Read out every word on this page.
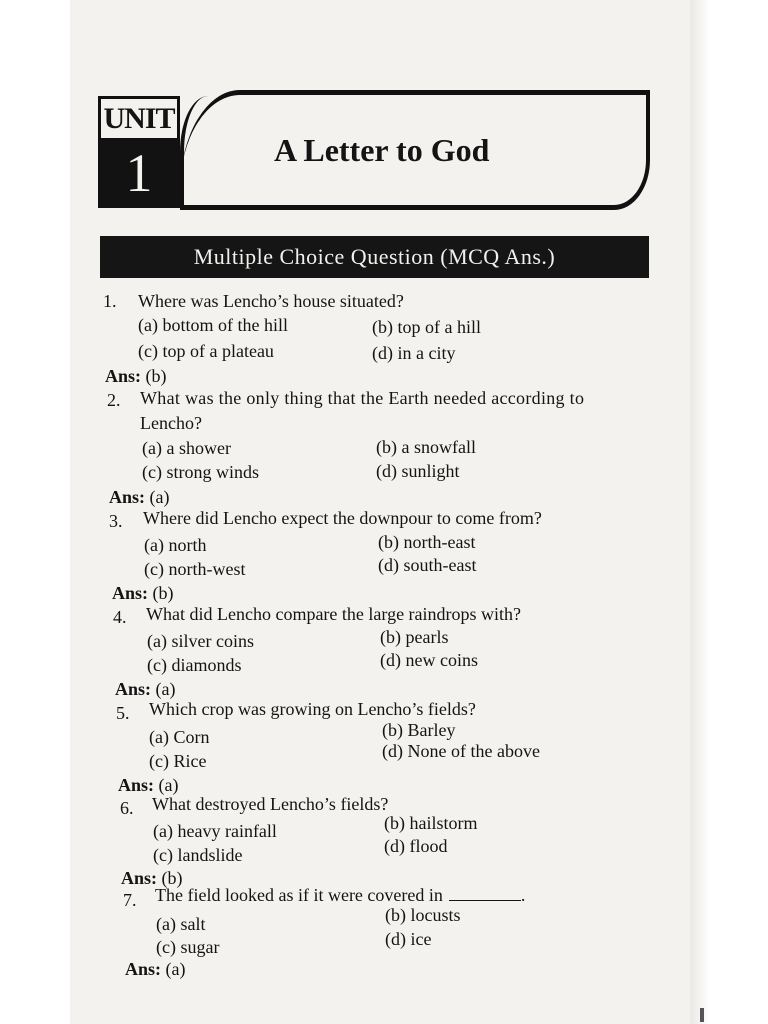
UNIT
1	A Letter to God
Multiple Choice Question (MCQ Ans.)
1. Where was Lencho’s house situated?
(a) bottom of the hill	(b) top of a hill
(c) top of a plateau	(d) in a city
Ans: (b)
2. What was the only thing that the Earth needed according to
Lencho?
(a) a shower	(b) a snowfall
(c) strong winds	(d) sunlight
Ans: (a)
3. Where did Lencho expect the downpour to come from?
(a) north	(b) north-east
(c) north-west	(d) south-east
Ans: (b)
4. What did Lencho compare the large raindrops with?
(a) silver coins	(b) pearls
(c) diamonds	(d) new coins
Ans: (a)
5. Which crop was growing on Lencho’s fields?
(a) Corn	(b) Barley
(c) Rice	(d) None of the above
Ans: (a)
6. What destroyed Lencho’s fields?
(a) heavy rainfall	(b) hailstorm
(c) landslide	(d) flood
Ans: (b)
7. The field looked as if it were covered in	.
(a) salt	(b) locusts
(c) sugar	(d) ice
Ans: (a)
